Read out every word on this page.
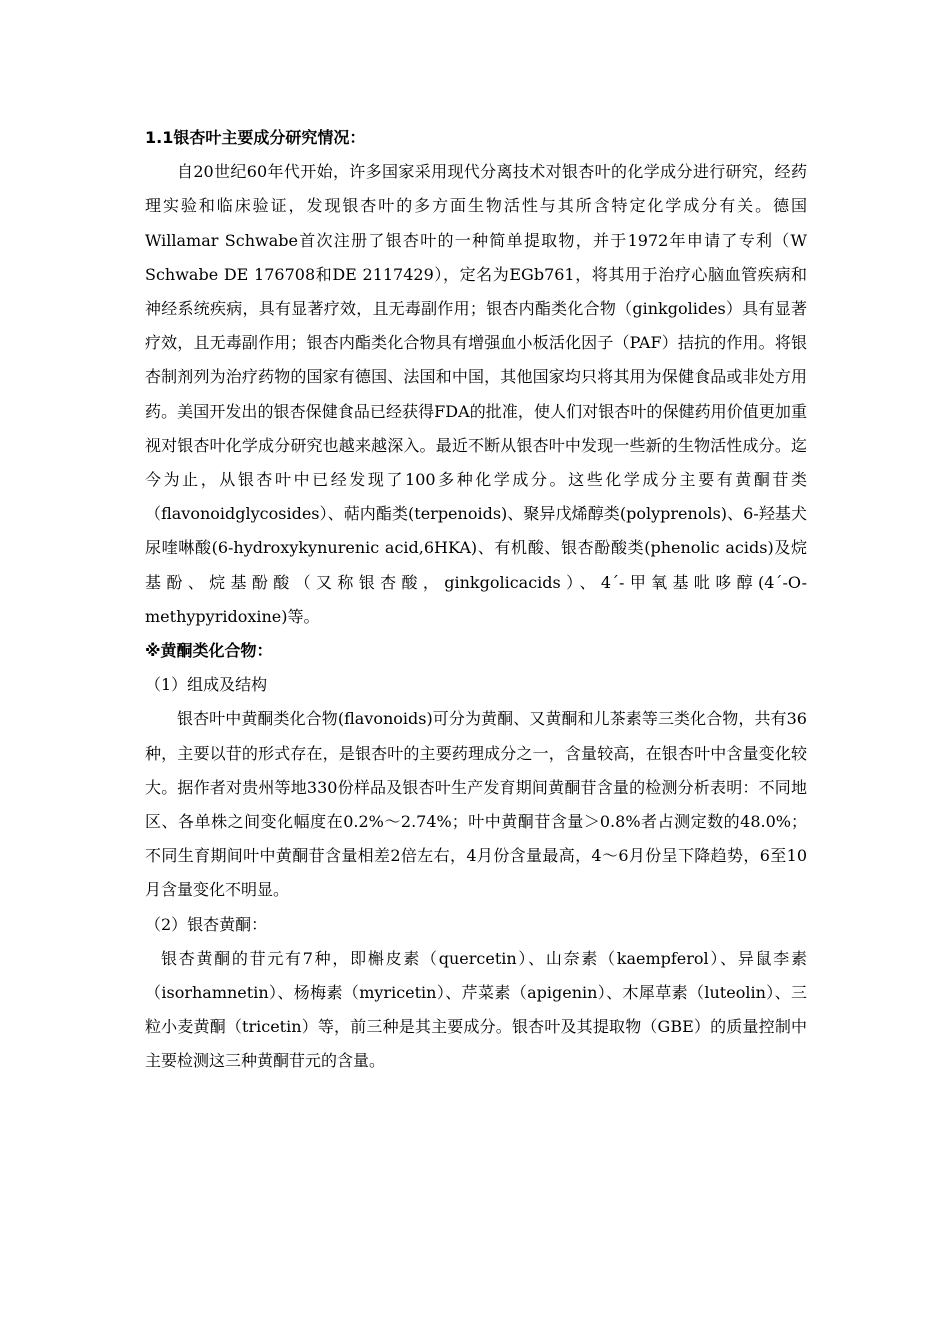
1.1银杏叶主要成分研究情况：

自20世纪60年代开始，许多国家采用现代分离技术对银杏叶的化学成分进行研究，经药理实验和临床验证，发现银杏叶的多方面生物活性与其所含特定化学成分有关。德国Willamar Schwabe首次注册了银杏叶的一种简单提取物，并于1972年申请了专利（W Schwabe DE 176708和DE 2117429），定名为EGb761，将其用于治疗心脑血管疾病和神经系统疾病，具有显著疗效，且无毒副作用；银杏内酯类化合物（ginkgolides）具有显著疗效，且无毒副作用；银杏内酯类化合物具有增强血小板活化因子（PAF）拮抗的作用。将银杏制剂列为治疗药物的国家有德国、法国和中国，其他国家均只将其用为保健食品或非处方用药。美国开发出的银杏保健食品已经获得FDA的批准，使人们对银杏叶的保健药用价值更加重视对银杏叶化学成分研究也越来越深入。最近不断从银杏叶中发现一些新的生物活性成分。迄今为止，从银杏叶中已经发现了100多种化学成分。这些化学成分主要有黄酮苷类（flavonoidglycosides）、萜内酯类(terpenoids)、聚异戊烯醇类(polyprenols)、6-羟基犬尿喹啉酸(6-hydroxykynurenic acid,6HKA)、有机酸、银杏酚酸类(phenolic acids)及烷基酚、烷基酚酸（又称银杏酸，ginkgolicacids）、4´-甲氧基吡哆醇(4´-O-methypyridoxine)等。

※黄酮类化合物：

（1）组成及结构

银杏叶中黄酮类化合物(flavonoids)可分为黄酮、又黄酮和儿茶素等三类化合物，共有36种，主要以苷的形式存在，是银杏叶的主要药理成分之一，含量较高，在银杏叶中含量变化较大。据作者对贵州等地330份样品及银杏叶生产发育期间黄酮苷含量的检测分析表明：不同地区、各单株之间变化幅度在0.2%～2.74%；叶中黄酮苷含量＞0.8%者占测定数的48.0%；不同生育期间叶中黄酮苷含量相差2倍左右，4月份含量最高，4～6月份呈下降趋势，6至10月含量变化不明显。

（2）银杏黄酮：

银杏黄酮的苷元有7种，即槲皮素（quercetin）、山奈素（kaempferol）、异鼠李素（isorhamnetin）、杨梅素（myricetin）、芹菜素（apigenin）、木犀草素（luteolin）、三粒小麦黄酮（tricetin）等，前三种是其主要成分。银杏叶及其提取物（GBE）的质量控制中主要检测这三种黄酮苷元的含量。
